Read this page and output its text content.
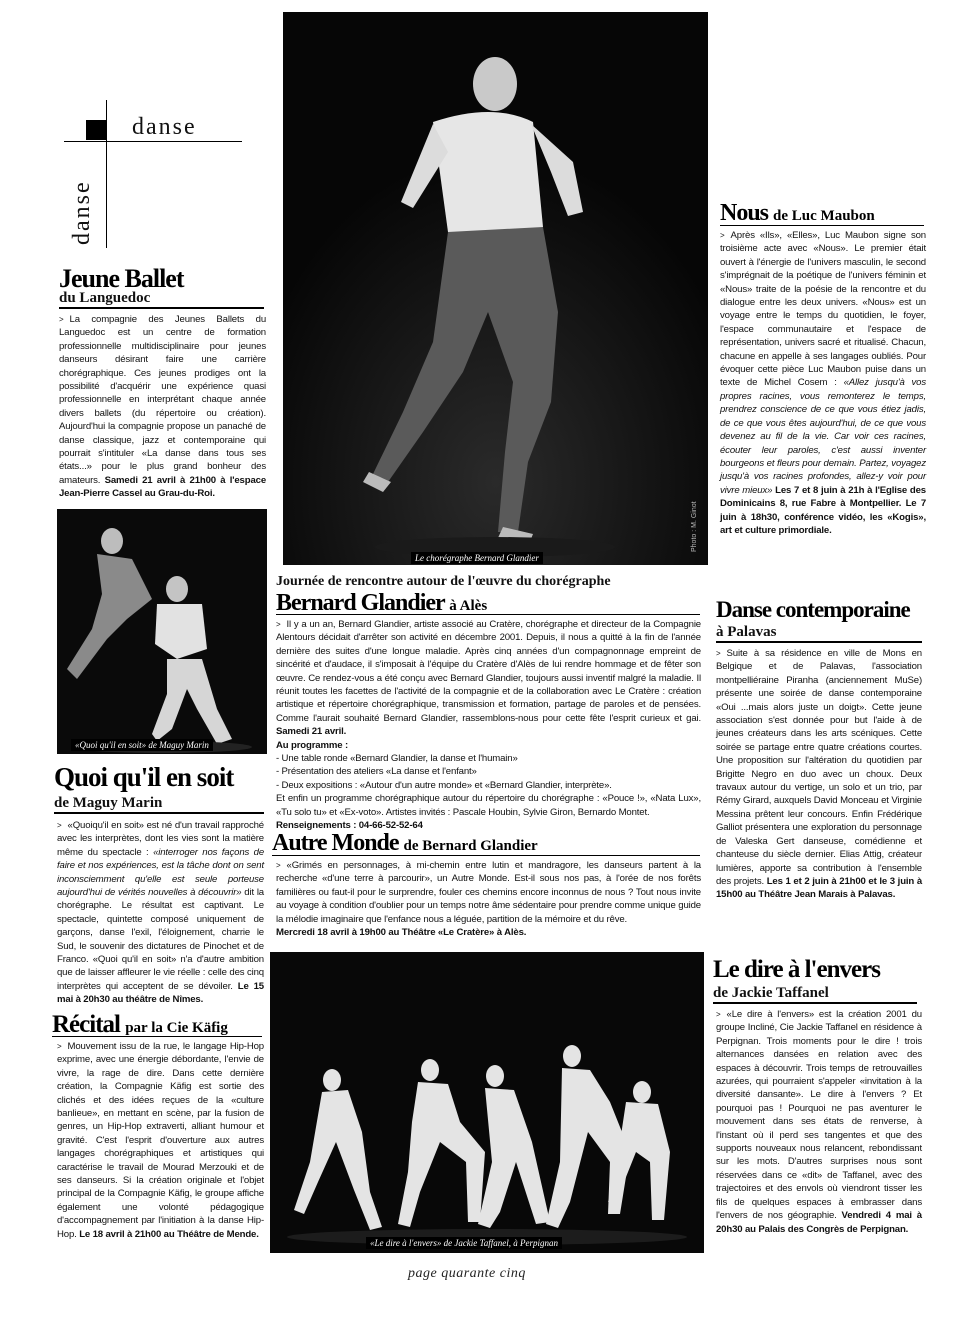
danse
danse
Le chorégraphe Bernard Glandier
Photo : M. Ginot
«Quoi qu'il en soit» de Maguy Marin
«Le dire à l'envers» de Jackie Taffanel, à Perpignan
Jeune Ballet
du Languedoc

> La compagnie des Jeunes Ballets du Languedoc est un centre de formation professionnelle multidisciplinaire pour jeunes danseurs désirant faire une carrière chorégraphique. Ces jeunes prodiges ont la possibilité d'acquérir une expérience quasi professionnelle en interprétant chaque année divers ballets (du répertoire ou création). Aujourd'hui la compagnie propose un panaché de danse classique, jazz et contemporaine qui pourrait s'intituler «La danse dans tous ses états...» pour le plus grand bonheur des amateurs. Samedi 21 avril à 21h00 à l'espace Jean-Pierre Cassel au Grau-du-Roi.

Quoi qu'il en soit
de Maguy Marin

> «Quoiqu'il en soit» est né d'un travail rapproché avec les interprètes, dont les vies sont la matière même du spectacle : «interroger nos façons de faire et nos expériences, est la tâche dont on sent inconsciemment qu'elle est seule porteuse aujourd'hui de vérités nouvelles à découvrir» dit la chorégraphe. Le résultat est captivant. Le spectacle, quintette composé uniquement de garçons, danse l'exil, l'éloignement, charrie le Sud, le souvenir des dictatures de Pinochet et de Franco. «Quoi qu'il en soit» n'a d'autre ambition que de laisser affleurer le vie réelle : celle des cinq interprètes qui acceptent de se dévoiler. Le 15 mai à 20h30 au théâtre de Nîmes.

Récital par la Cie Käfig

> Mouvement issu de la rue, le langage Hip-Hop exprime, avec une énergie débordante, l'envie de vivre, la rage de dire. Dans cette dernière création, la Compagnie Käfig est sortie des clichés et des idées reçues de la «culture banlieue», en mettant en scène, par la fusion de genres, un Hip-Hop extraverti, alliant humour et gravité. C'est l'esprit d'ouverture aux autres langages chorégraphiques et artistiques qui caractérise le travail de Mourad Merzouki et de ses danseurs. Si la création originale et l'objet principal de la Compagnie Käfig, le groupe affiche également une volonté pédagogique d'accompagnement par l'initiation à la danse Hip-Hop. Le 18 avril à 21h00 au Théâtre de Mende.

Journée de rencontre autour de l'œuvre du chorégraphe
Bernard Glandier à Alès

> Il y a un an, Bernard Glandier, artiste associé au Cratère, chorégraphe et directeur de la Compagnie Alentours décidait d'arrêter son activité en décembre 2001. Depuis, il nous a quitté à la fin de l'année dernière des suites d'une longue maladie. Après cinq années d'un compagnonnage empreint de sincérité et d'audace, il s'imposait à l'équipe du Cratère d'Alès de lui rendre hommage et de fêter son œuvre. Ce rendez-vous a été conçu avec Bernard Glandier, toujours aussi inventif malgré la maladie. Il réunit toutes les facettes de l'activité de la compagnie et de la collaboration avec Le Cratère : création artistique et répertoire chorégraphique, transmission et formation, partage de paroles et de pensées. Comme l'aurait souhaité Bernard Glandier, rassemblons-nous pour cette fête l'esprit curieux et gai. Samedi 21 avril.

Au programme :

- Une table ronde «Bernard Glandier, la danse et l'humain»

- Présentation des ateliers «La danse et l'enfant»

- Deux expositions : «Autour d'un autre monde» et «Bernard Glandier, interprète».

Et enfin un programme chorégraphique autour du répertoire du chorégraphe : «Pouce !», «Nata Lux», «Tu solo tu» et «Ex-voto». Artistes invités : Pascale Houbin, Sylvie Giron, Bernardo Montet.

Renseignements : 04-66-52-52-64

Autre Monde de Bernard Glandier

> «Grimés en personnages, à mi-chemin entre lutin et mandragore, les danseurs partent à la recherche «d'une terre à parcourir», un Autre Monde. Est-il sous nos pas, à l'orée de nos forêts familières ou faut-il pour le surprendre, fouler ces chemins encore inconnus de nous ? Tout nous invite au voyage à condition d'oublier pour un temps notre âme sédentaire pour prendre comme unique guide la mélodie imaginaire que l'enfance nous a léguée, partition de la mémoire et du rêve.

Mercredi 18 avril à 19h00 au Théâtre «Le Cratère» à Alès.

Nous de Luc Maubon

> Après «Ils», «Elles», Luc Maubon signe son troisième acte avec «Nous». Le premier était ouvert à l'énergie de l'univers masculin, le second s'imprégnait de la poétique de l'univers féminin et «Nous» traite de la poésie de la rencontre et du dialogue entre les deux univers. «Nous» est un voyage entre le temps du quotidien, le foyer, l'espace communautaire et l'espace de représentation, univers sacré et ritualisé. Chacun, chacune en appelle à ses langages oubliés. Pour évoquer cette pièce Luc Maubon puise dans un texte de Michel Cosem : «Allez jusqu'à vos propres racines, vous remonterez le temps, prendrez conscience de ce que vous étiez jadis, de ce que vous êtes aujourd'hui, de ce que vous devenez au fil de la vie. Car voir ces racines, écouter leur paroles, c'est aussi inventer bourgeons et fleurs pour demain. Partez, voyagez jusqu'à vos racines profondes, allez-y voir pour vivre mieux» Les 7 et 8 juin à 21h à l'Eglise des Dominicains 8, rue Fabre à Montpellier. Le 7 juin à 18h30, conférence vidéo, les «Kogis», art et culture primordiale.

Danse contemporaine
à Palavas

> Suite à sa résidence en ville de Mons en Belgique et de Palavas, l'association montpelliéraine Piranha (anciennement MuSe) présente une soirée de danse contemporaine «Oui ...mais alors juste un doigt». Cette jeune association s'est donnée pour but l'aide à de jeunes créateurs dans les arts scéniques. Cette soirée se partage entre quatre créations courtes. Une proposition sur l'altération du quotidien par Brigitte Negro en duo avec un choux. Deux travaux autour du vertige, un solo et un trio, par Rémy Girard, auxquels David Monceau et Virginie Messina prêtent leur concours. Enfin Frédérique Galliot présentera une exploration du personnage de Valeska Gert danseuse, comédienne et chanteuse du siècle dernier. Elias Attig, créateur lumières, apporte sa contribution à l'ensemble des projets. Les 1 et 2 juin à 21h00 et le 3 juin à 15h00 au Théâtre Jean Marais à Palavas.

Le dire à l'envers
de Jackie Taffanel

> «Le dire à l'envers» est la création 2001 du groupe Incliné, Cie Jackie Taffanel en résidence à Perpignan. Trois moments pour le dire ! trois alternances dansées en relation avec des espaces à découvrir. Trois temps de retrouvailles azurées, qui pourraient s'appeler «invitation à la diversité dansante». Le dire à l'envers ? Et pourquoi pas ! Pourquoi ne pas aventurer le mouvement dans ses états de renverse, à l'instant où il perd ses tangentes et que des supports nouveaux nous relancent, rebondissant sur les mots. D'autres surprises nous sont réservées dans ce «dit» de Taffanel, avec des trajectoires et des envols où viendront tisser les fils de quelques espaces à embrasser dans l'envers de nos géographie. Vendredi 4 mai à 20h30 au Palais des Congrès de Perpignan.

page quarante cinq
